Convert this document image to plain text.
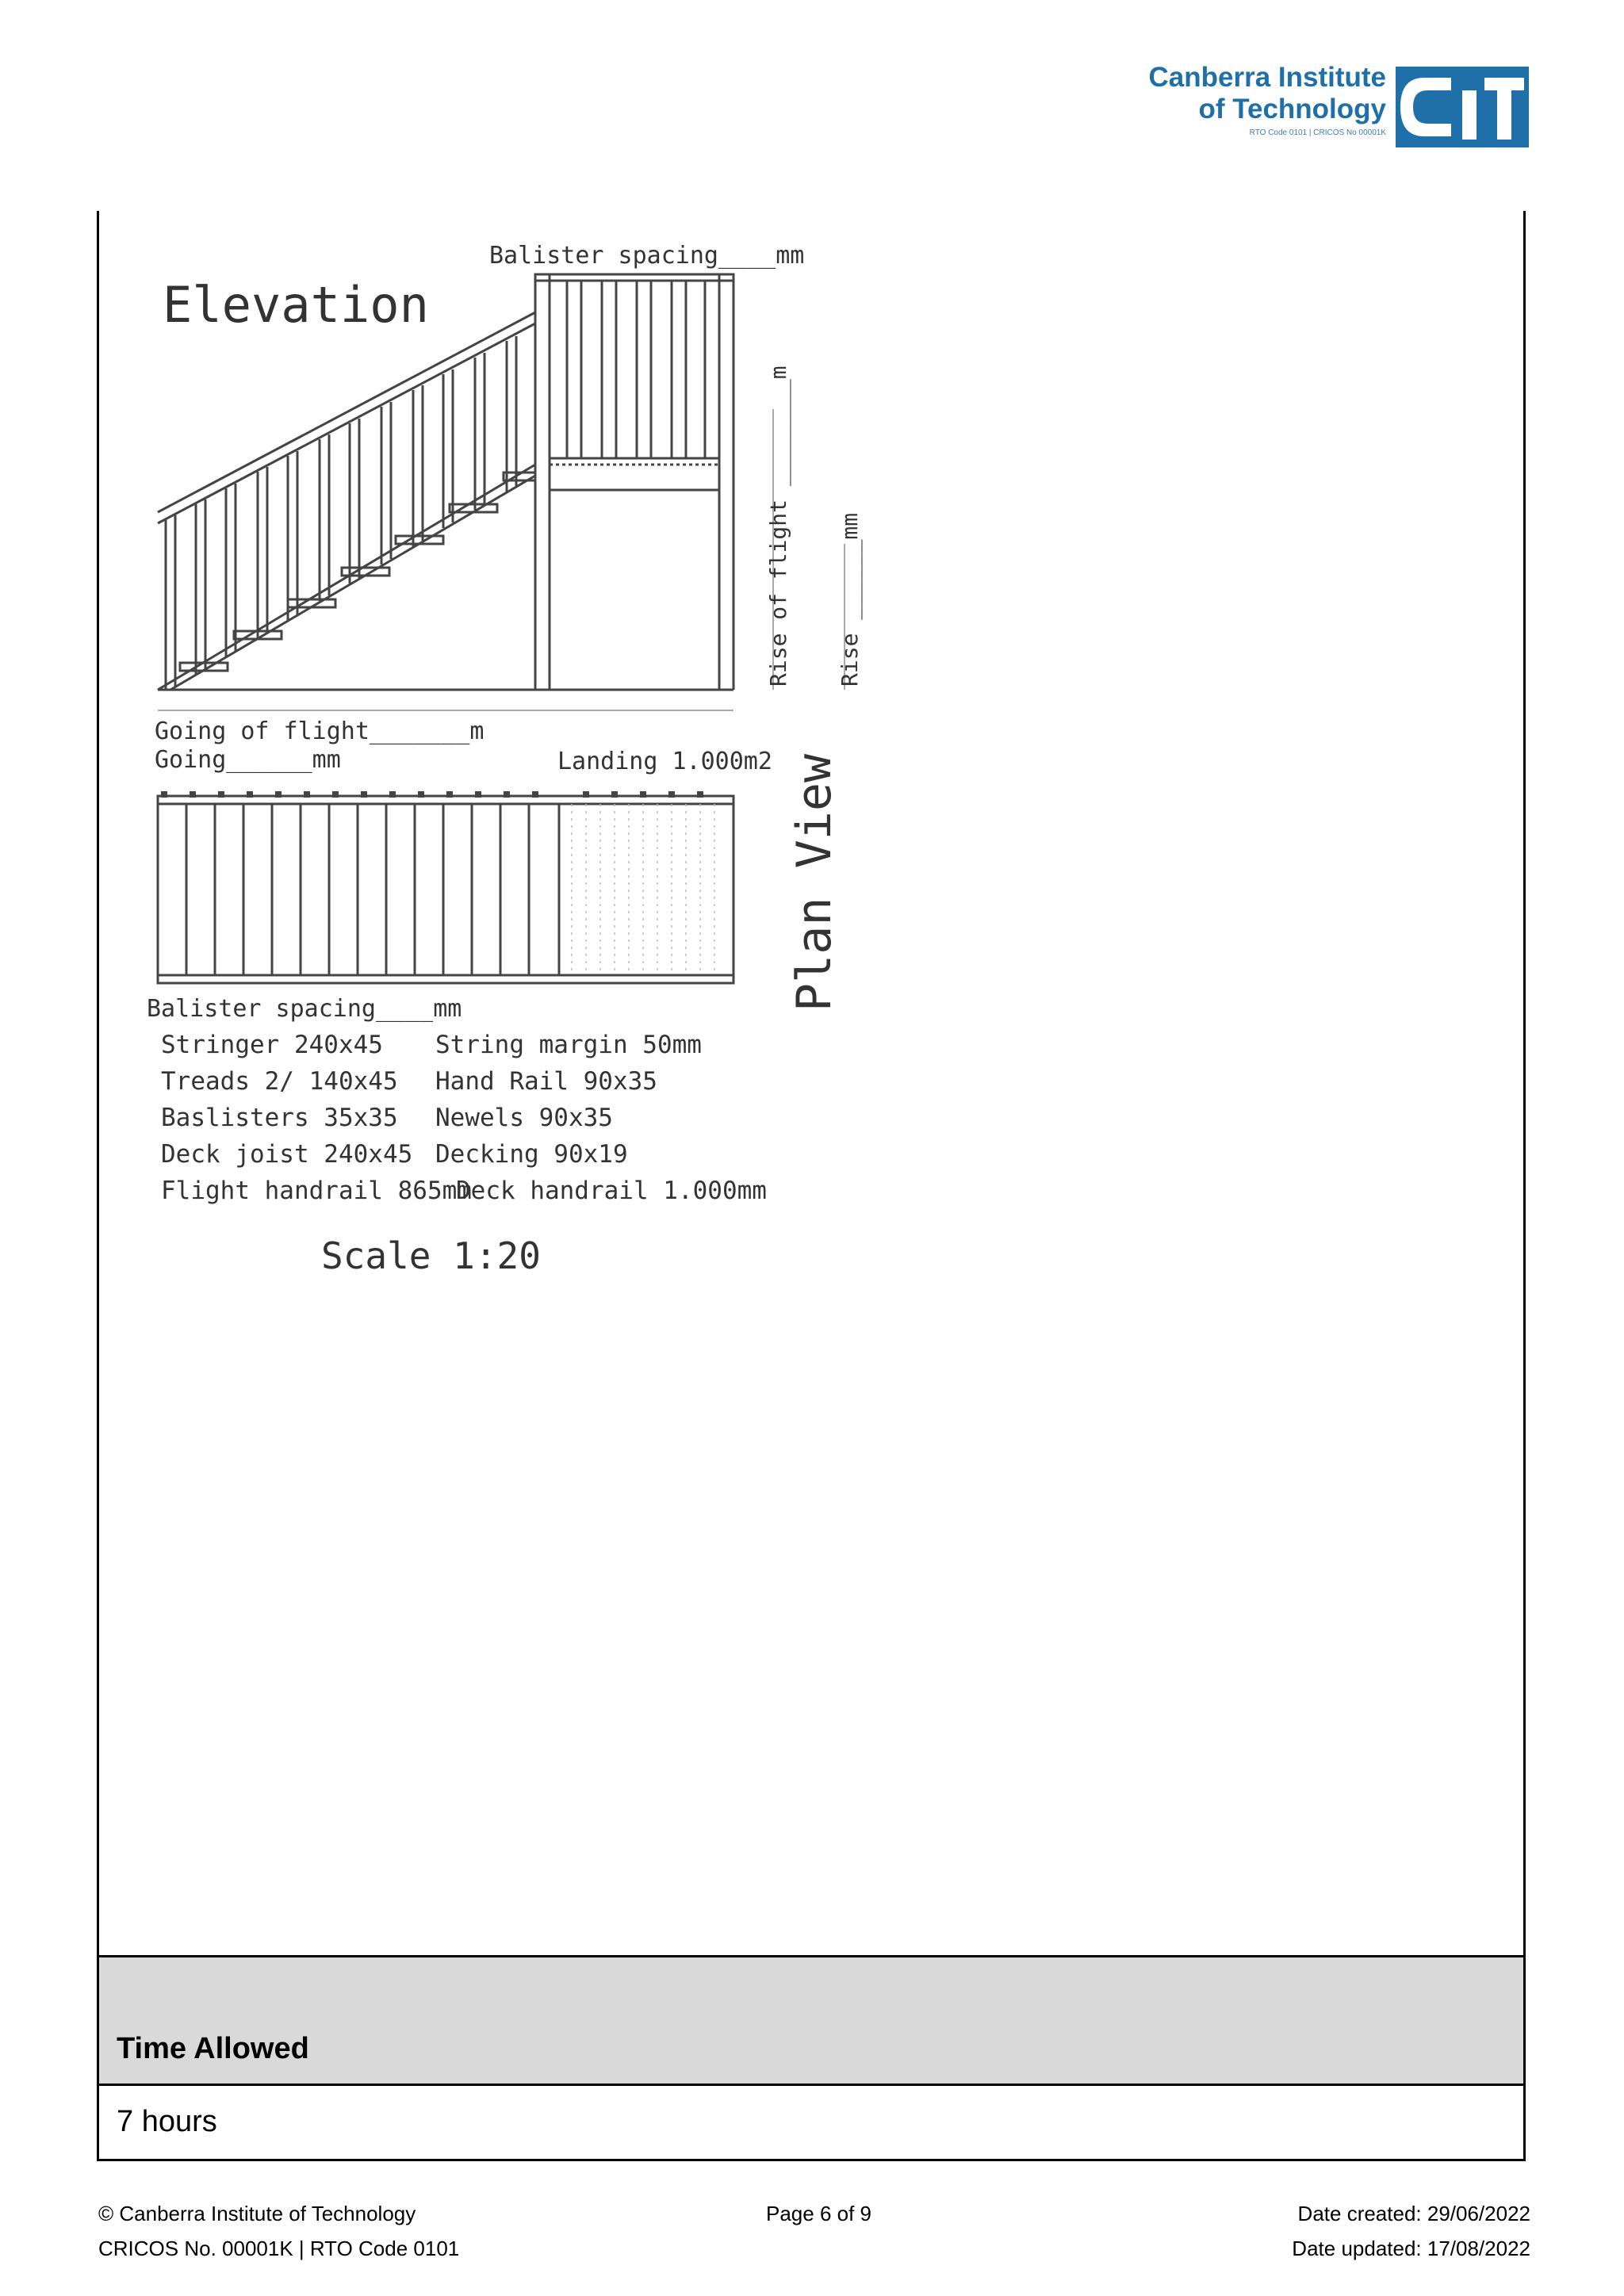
Canberra Institute
of Technology
RTO Code 0101 | CRICOS No 00001K
Balister spacing____mm
Elevation
Rise of flight ________m Rise ______mm
Going of flight_______m
Going______mm	Landing 1.000m2 Plan View
Balister spacing____mm
Stringer 240x45
Treads 2/ 140x45
Baslisters 35x35
Deck joist 240x45
Flight handrail 865mm
String margin 50mm
Hand Rail 90x35
Newels 90x35
Decking 90x19
Deck handrail 1.000mm
Scale 1:20
Time Allowed
7 hours
© Canberra Institute of Technology
CRICOS No. 00001K | RTO Code 0101
Page 6 of 9	Date created: 29/06/2022
Date updated: 17/08/2022
